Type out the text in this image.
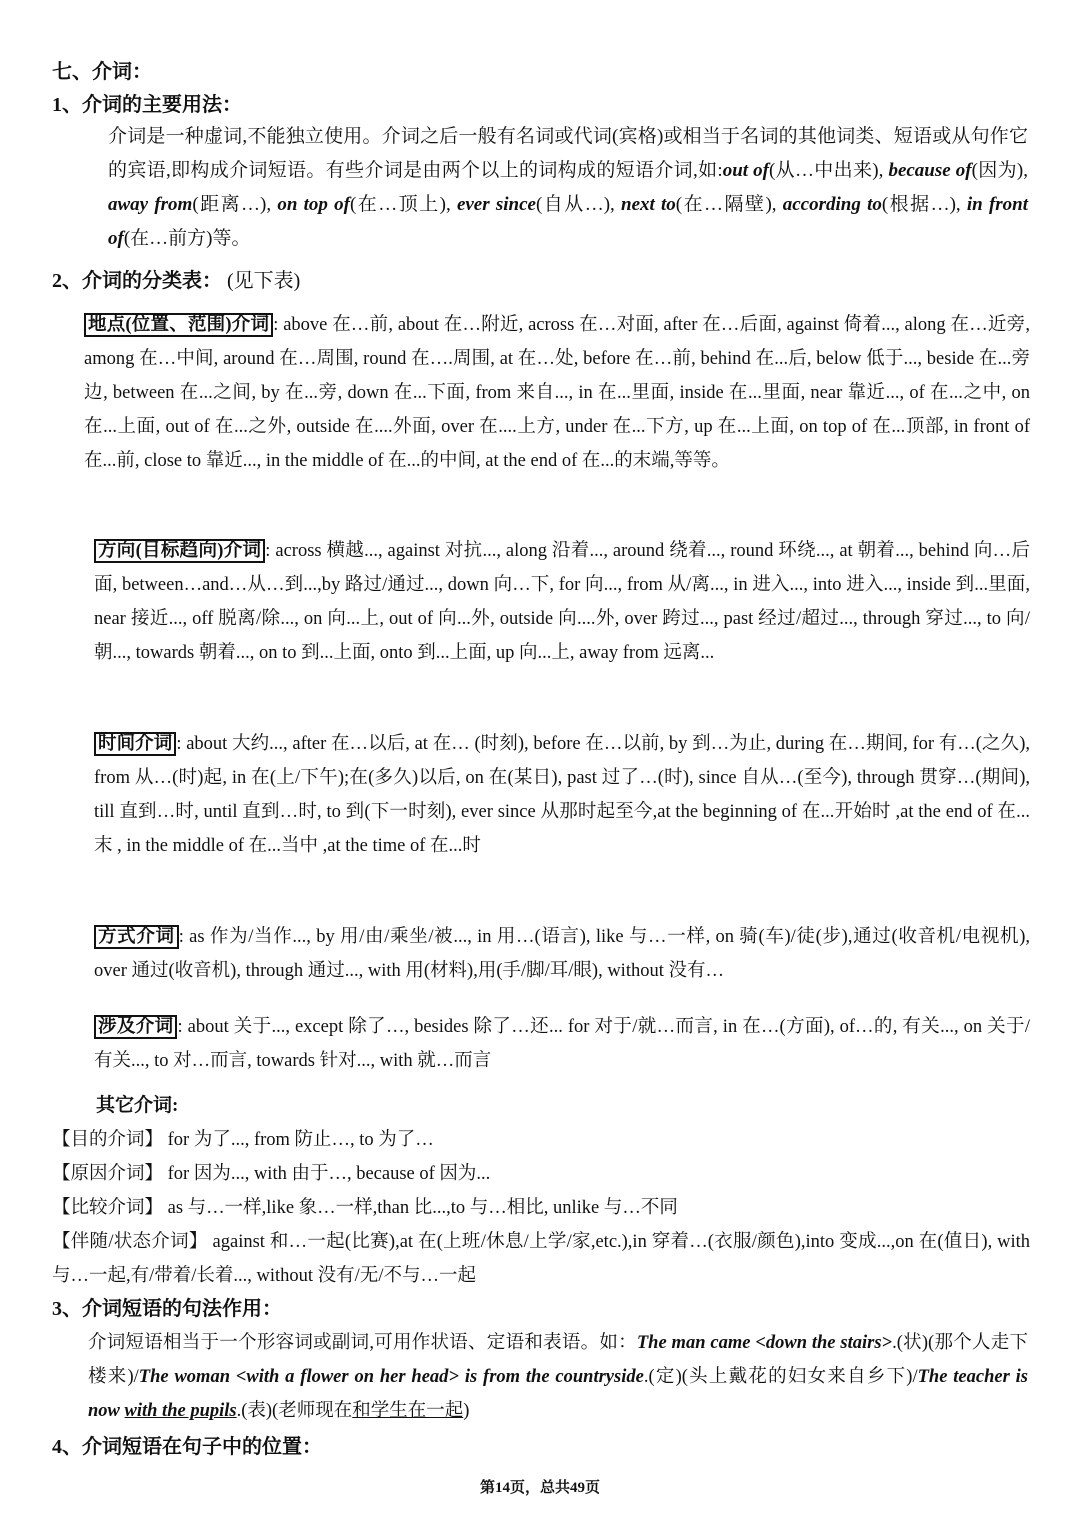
七、介词：
1、介词的主要用法：
介词是一种虚词,不能独立使用。介词之后一般有名词或代词(宾格)或相当于名词的其他词类、短语或从句作它的宾语,即构成介词短语。有些介词是由两个以上的词构成的短语介词,如:out of(从…中出来), because of(因为), away from(距离…), on top of(在…顶上), ever since(自从…), next to(在…隔壁), according to(根据…), in front of(在…前方)等。
2、介词的分类表： (见下表)
地点(位置、范围)介词 : above 在…前, about 在…附近, across 在…对面, after 在…后面, against 倚着..., along 在…近旁, among 在…中间, around 在…周围, round 在….周围, at 在…处, before 在…前, behind 在...后, below 低于..., beside 在...旁边, between 在...之间, by 在...旁, down 在...下面, from 来自..., in 在...里面, inside 在...里面, near 靠近..., of 在...之中, on 在...上面, out of 在...之外, outside 在....外面, over 在....上方, under 在...下方, up 在...上面, on top of 在...顶部, in front of 在...前, close to 靠近..., in the middle of 在...的中间, at the end of 在...的末端,等等。
方向(目标趋向)介词 : across 横越..., against 对抗..., along 沿着..., around 绕着..., round 环绕..., at 朝着..., behind 向…后面, between…and…从…到...,by 路过/通过..., down 向…下, for 向..., from 从/离..., in 进入..., into 进入..., inside 到...里面, near 接近..., off 脱离/除..., on 向...上, out of 向...外, outside 向....外, over 跨过..., past 经过/超过..., through 穿过..., to 向/朝..., towards 朝着..., on to 到...上面, onto 到...上面, up 向...上, away from 远离...
时间介词 : about 大约..., after 在…以后, at 在… (时刻), before 在…以前, by 到…为止, during 在…期间, for 有…(之久), from 从…(时)起, in 在(上/下午);在(多久)以后, on 在(某日), past 过了…(时), since 自从…(至今), through 贯穿…(期间), till 直到…时, until 直到…时, to 到(下一时刻), ever since 从那时起至今,at the beginning of 在...开始时 ,at the end of 在...末 , in the middle of 在...当中 ,at the time of 在...时
方式介词 : as 作为/当作..., by 用/由/乘坐/被..., in 用…(语言), like 与…一样, on 骑(车)/徒(步),通过(收音机/电视机), over 通过(收音机), through 通过..., with 用(材料),用(手/脚/耳/眼), without 没有…
涉及介词 : about 关于..., except 除了…, besides 除了…还... for 对于/就…而言, in 在…(方面), of…的, 有关..., on 关于/有关..., to 对…而言, towards 针对..., with 就…而言
其它介词:
【目的介词】 for 为了..., from 防止…, to 为了…
【原因介词】 for 因为..., with 由于…, because of 因为...
【比较介词】 as 与…一样,like 象…一样,than 比...,to 与…相比, unlike 与…不同
【伴随/状态介词】 against 和…一起(比赛),at 在(上班/休息/上学/家,etc.),in 穿着…(衣服/颜色),into 变成...,on 在(值日), with 与…一起,有/带着/长着..., without 没有/无/不与…一起
3、介词短语的句法作用：
介词短语相当于一个形容词或副词,可用作状语、定语和表语。如：The man came <down the stairs>.(状)(那个人走下楼来)/The woman <with a flower on her head> is from the countryside.(定)(头上戴花的妇女来自乡下)/The teacher is now with the pupils.(表)(老师现在和学生在一起)
4、介词短语在句子中的位置：
第14页，总共49页
